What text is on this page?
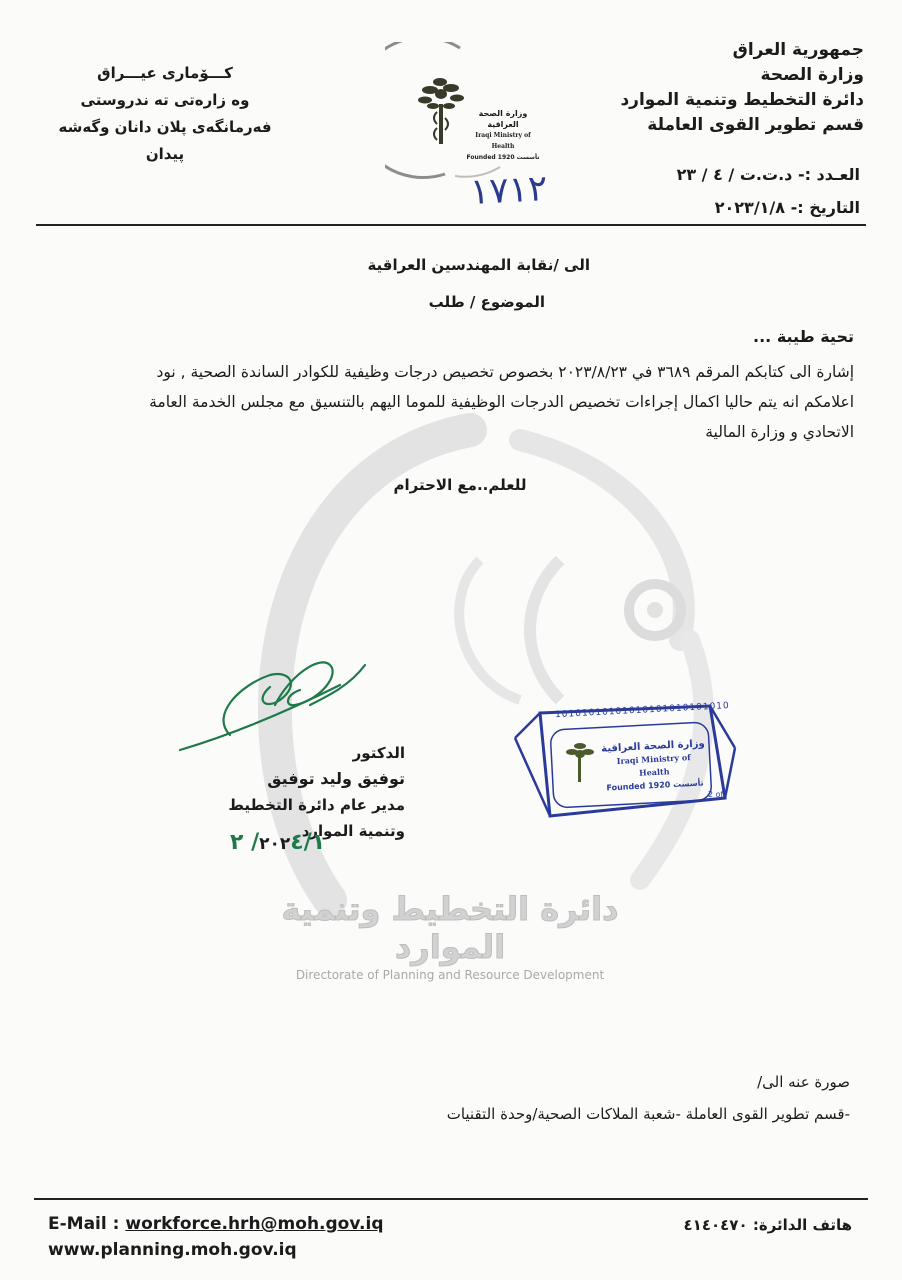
دائرة التخطيط وتنمية الموارد
Directorate of Planning and Resource Development
جمهورية العراق
وزارة الصحة
دائرة التخطيط وتنمية الموارد
قسم تطوير القوى العاملة
كـــۆماری عیـــراق
وه زارەتی تە ندروستی
فەرمانگەی پلان دانان وگەشە پیدان
وزارة الصحة العراقية
Iraqi Ministry of Health
Founded 1920 تأسست
العـدد :- د.ت.ت / ٤ / ٢٣
التاريخ :- ٢٠٢٣/١/٨
١٧١٢
الى /نقابة المهندسين العراقية
الموضوع / طلب
تحية طيبة ...
إشارة الى كتابكم المرقم ٣٦٨٩ في ٢٠٢٣/٨/٢٣ بخصوص تخصيص درجات وظيفية للكوادر الساندة الصحية , نود
اعلامكم انه يتم حاليا اكمال إجراءات تخصيص الدرجات الوظيفية للموما اليهم بالتنسيق مع مجلس الخدمة العامة
الاتحادي و وزارة المالية
للعلم..مع الاحترام
الدكتور
توفيق وليد توفيق
مدير عام دائرة التخطيط وتنمية الموارد
٢٠٢٤/١/ ٢
10101010101010101010101010
وزارة الصحة العراقية
Iraqi Ministry of Health
Founded 1920 تأسست
2 of
صورة عنه الى/
-قسم تطوير القوى العاملة -شعبة الملاكات الصحية/وحدة التقنيات
E-Mail : workforce.hrh@moh.gov.iq
www.planning.moh.gov.iq
هاتف الدائرة: ٤١٤٠٤٧٠
